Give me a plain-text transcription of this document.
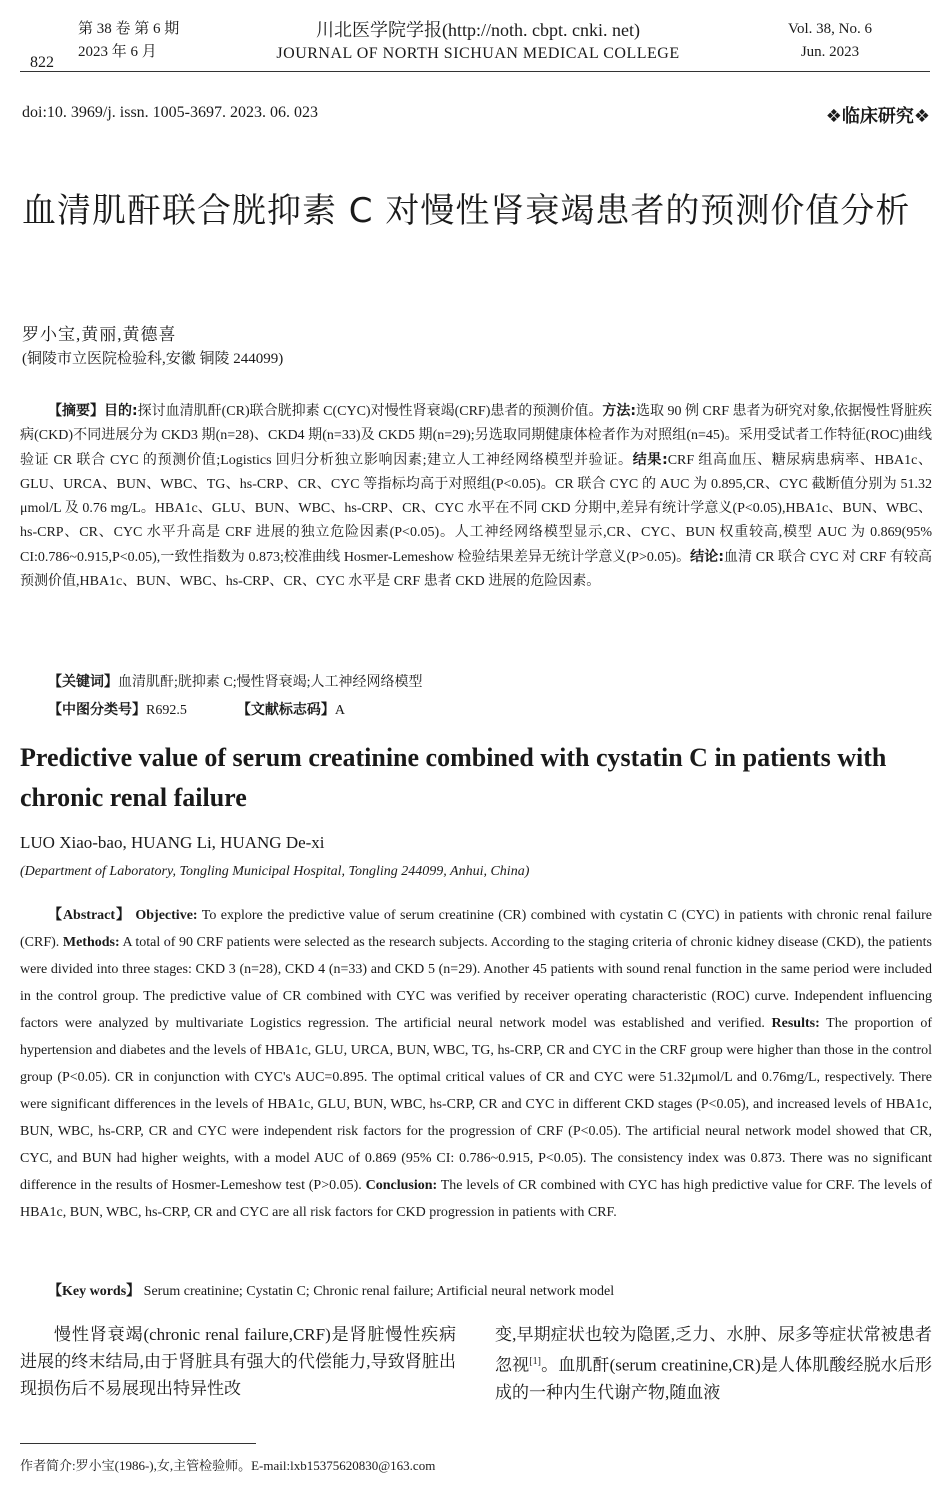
第 38 卷 第 6 期
2023 年 6 月
822
川北医学院学报(http://noth. cbpt. cnki. net)
JOURNAL OF NORTH SICHUAN MEDICAL COLLEGE
Vol. 38, No. 6
Jun. 2023
doi:10. 3969/j. issn. 1005-3697. 2023. 06. 023	❖临床研究❖
血清肌酐联合胱抑素 C 对慢性肾衰竭患者的预测价值分析
罗小宝,黄丽,黄德喜
(铜陵市立医院检验科,安徽 铜陵 244099)

【摘要】目的:探讨血清肌酐(CR)联合胱抑素 C(CYC)对慢性肾衰竭(CRF)患者的预测价值。方法:选取 90 例 CRF 患者为研究对象,依据慢性肾脏疾病(CKD)不同进展分为 CKD3 期(n=28)、CKD4 期(n=33)及 CKD5 期(n=29);另选取同期健康体检者作为对照组(n=45)。采用受试者工作特征(ROC)曲线验证 CR 联合 CYC 的预测价值;Logistics 回归分析独立影响因素;建立人工神经网络模型并验证。结果:CRF 组高血压、糖尿病患病率、HBA1c、GLU、URCA、BUN、WBC、TG、hs-CRP、CR、CYC 等指标均高于对照组(P<0.05)。CR 联合 CYC 的 AUC 为 0.895,CR、CYC 截断值分别为 51.32 μmol/L 及 0.76 mg/L。HBA1c、GLU、BUN、WBC、hs-CRP、CR、CYC 水平在不同 CKD 分期中,差异有统计学意义(P<0.05),HBA1c、BUN、WBC、hs-CRP、CR、CYC 水平升高是 CRF 进展的独立危险因素(P<0.05)。人工神经网络模型显示,CR、CYC、BUN 权重较高,模型 AUC 为 0.869(95% CI:0.786~0.915,P<0.05),一致性指数为 0.873;校准曲线 Hosmer-Lemeshow 检验结果差异无统计学意义(P>0.05)。结论:血清 CR 联合 CYC 对 CRF 有较高预测价值,HBA1c、BUN、WBC、hs-CRP、CR、CYC 水平是 CRF 患者 CKD 进展的危险因素。

【关键词】血清肌酐;胱抑素 C;慢性肾衰竭;人工神经网络模型
【中图分类号】R692.5	【文献标志码】A
Predictive value of serum creatinine combined with cystatin C in patients with chronic renal failure
LUO Xiao-bao, HUANG Li, HUANG De-xi
(Department of Laboratory, Tongling Municipal Hospital, Tongling 244099, Anhui, China)

【Abstract】 Objective: To explore the predictive value of serum creatinine (CR) combined with cystatin C (CYC) in patients with chronic renal failure (CRF). Methods: A total of 90 CRF patients were selected as the research subjects. According to the staging criteria of chronic kidney disease (CKD), the patients were divided into three stages: CKD 3 (n=28), CKD 4 (n=33) and CKD 5 (n=29). Another 45 patients with sound renal function in the same period were included in the control group. The predictive value of CR combined with CYC was verified by receiver operating characteristic (ROC) curve. Independent influencing factors were analyzed by multivariate Logistics regression. The artificial neural network model was established and verified. Results: The proportion of hypertension and diabetes and the levels of HBA1c, GLU, URCA, BUN, WBC, TG, hs-CRP, CR and CYC in the CRF group were higher than those in the control group (P<0.05). CR in conjunction with CYC's AUC=0.895. The optimal critical values of CR and CYC were 51.32μmol/L and 0.76mg/L, respectively. There were significant differences in the levels of HBA1c, GLU, BUN, WBC, hs-CRP, CR and CYC in different CKD stages (P<0.05), and increased levels of HBA1c, BUN, WBC, hs-CRP, CR and CYC were independent risk factors for the progression of CRF (P<0.05). The artificial neural network model showed that CR, CYC, and BUN had higher weights, with a model AUC of 0.869 (95% CI: 0.786~0.915, P<0.05). The consistency index was 0.873. There was no significant difference in the results of Hosmer-Lemeshow test (P>0.05). Conclusion: The levels of CR combined with CYC has high predictive value for CRF. The levels of HBA1c, BUN, WBC, hs-CRP, CR and CYC are all risk factors for CKD progression in patients with CRF.

【Key words】 Serum creatinine; Cystatin C; Chronic renal failure; Artificial neural network model

慢性肾衰竭(chronic renal failure,CRF)是肾脏慢性疾病进展的终末结局,由于肾脏具有强大的代偿能力,导致肾脏出现损伤后不易展现出特异性改

变,早期症状也较为隐匿,乏力、水肿、尿多等症状常被患者忽视[1]。血肌酐(serum creatinine,CR)是人体肌酸经脱水后形成的一种内生代谢产物,随血液

作者简介:罗小宝(1986-),女,主管检验师。E-mail:lxb15375620830@163.com
